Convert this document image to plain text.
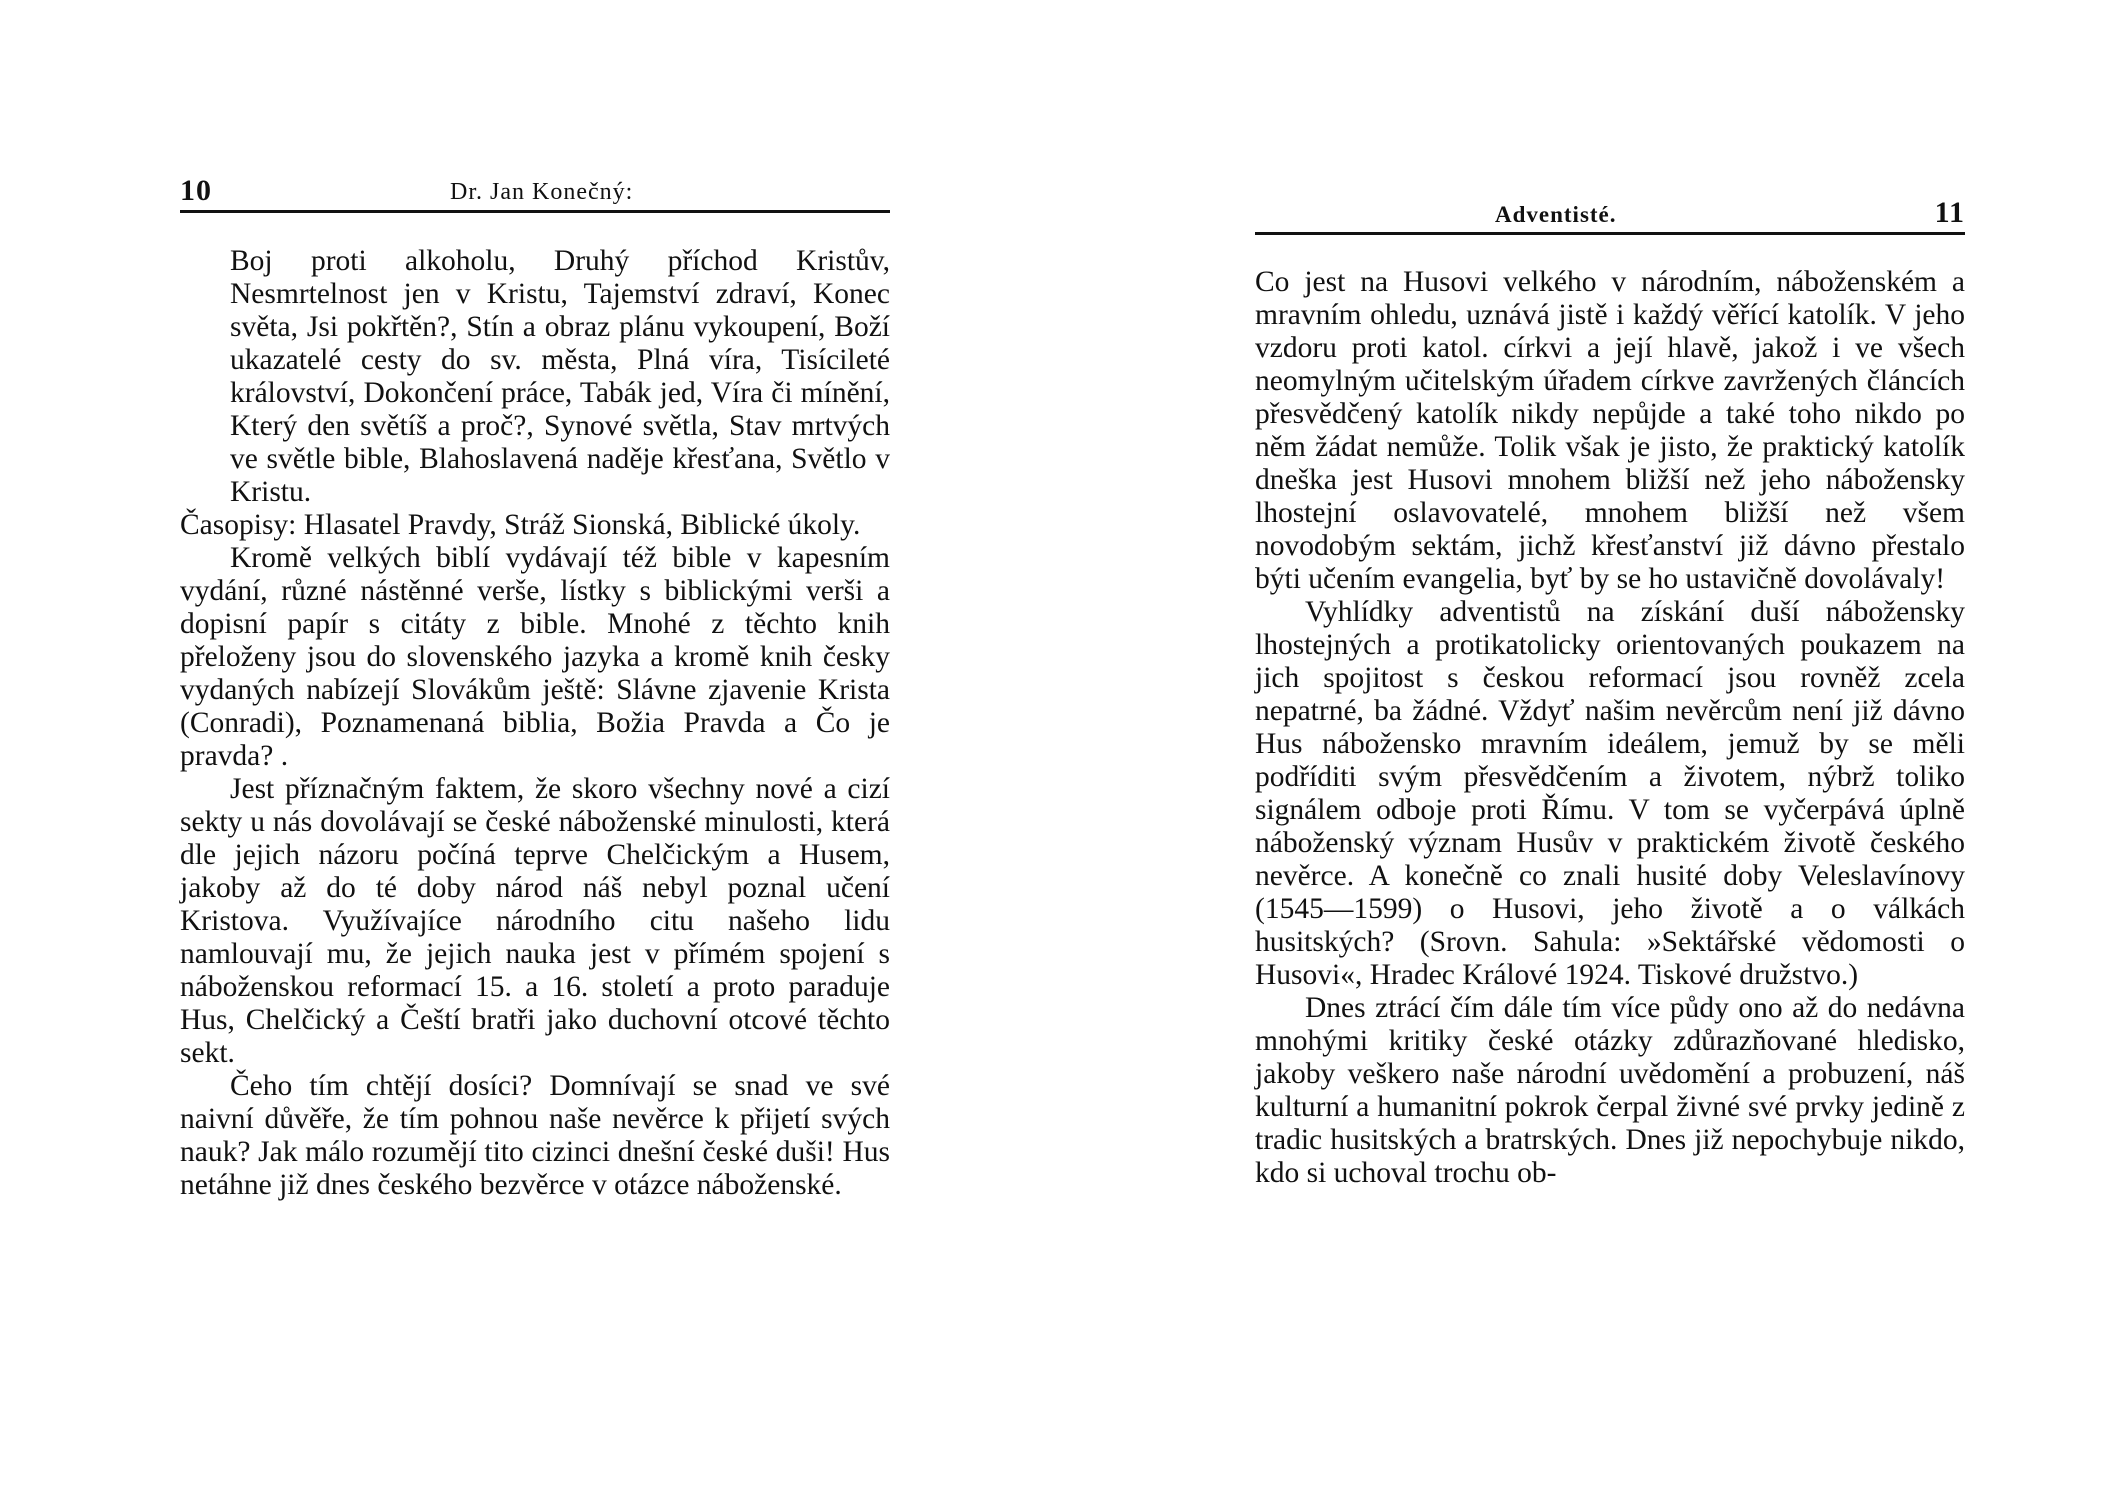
10	Dr. Jan Konečný:

Boj proti alkoholu, Druhý příchod Kristův, Nesmrtelnost jen v Kristu, Tajemství zdraví, Konec světa, Jsi pokřtěn?, Stín a obraz plánu vykoupení, Boží ukazatelé cesty do sv. města, Plná víra, Tisícileté království, Dokončení práce, Tabák jed, Víra či mínění, Který den světíš a proč?, Synové světla, Stav mrtvých ve světle bible, Blahoslavená naděje křesťana, Světlo v Kristu.

Časopisy: Hlasatel Pravdy, Stráž Sionská, Biblické úkoly.

Kromě velkých biblí vydávají též bible v kapesním vydání, různé nástěnné verše, lístky s biblickými verši a dopisní papír s citáty z bible. Mnohé z těchto knih přeloženy jsou do slovenského jazyka a kromě knih česky vydaných nabízejí Slovákům ještě: Slávne zjavenie Krista (Conradi), Poznamenaná biblia, Božia Pravda a Čo je pravda? .

Jest příznačným faktem, že skoro všechny nové a cizí sekty u nás dovolávají se české náboženské minulosti, která dle jejich názoru počíná teprve Chelčickým a Husem, jakoby až do té doby národ náš nebyl poznal učení Kristova. Využívajíce národního citu našeho lidu namlouvají mu, že jejich nauka jest v přímém spojení s náboženskou reformací 15. a 16. století a proto paraduje Hus, Chelčický a Čeští bratři jako duchovní otcové těchto sekt.

Čeho tím chtějí dosíci? Domnívají se snad ve své naivní důvěře, že tím pohnou naše nevěrce k přijetí svých nauk? Jak málo rozumějí tito cizinci dnešní české duši! Hus netáhne již dnes českého bezvěrce v otázce náboženské.

Adventisté.	11

Co jest na Husovi velkého v národním, náboženském a mravním ohledu, uznává jistě i každý věřící katolík. V jeho vzdoru proti katol. církvi a její hlavě, jakož i ve všech neomylným učitelským úřadem církve zavržených článcích přesvědčený katolík nikdy nepůjde a také toho nikdo po něm žádat nemůže. Tolik však je jisto, že praktický katolík dneška jest Husovi mnohem bližší než jeho nábožensky lhostejní oslavovatelé, mnohem bližší než všem novodobým sektám, jichž křesťanství již dávno přestalo býti učením evangelia, byť by se ho ustavičně dovolávaly!

Vyhlídky adventistů na získání duší nábožensky lhostejných a protikatolicky orientovaných poukazem na jich spojitost s českou reformací jsou rovněž zcela nepatrné, ba žádné. Vždyť našim nevěrcům není již dávno Hus nábožensko mravním ideálem, jemuž by se měli podříditi svým přesvědčením a životem, nýbrž toliko signálem odboje proti Římu. V tom se vyčerpává úplně náboženský význam Husův v praktickém životě českého nevěrce. A konečně co znali husité doby Veleslavínovy (1545—1599) o Husovi, jeho životě a o válkách husitských? (Srovn. Sahula: »Sektářské vědomosti o Husovi«, Hradec Králové 1924. Tiskové družstvo.)

Dnes ztrácí čím dále tím více půdy ono až do nedávna mnohými kritiky české otázky zdůrazňované hledisko, jakoby veškero naše národní uvědomění a probuzení, náš kulturní a humanitní pokrok čerpal živné své prvky jedině z tradic husitských a bratrských. Dnes již nepochybuje nikdo, kdo si uchoval trochu ob-
